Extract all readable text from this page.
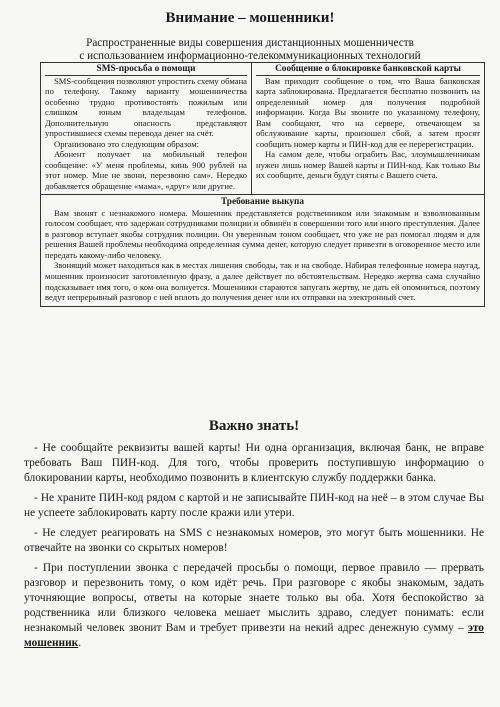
Внимание – мошенники!
Распространенные виды совершения дистанционных мошенничеств
с использованием информационно-телекоммуникационных технологий
SMS-просьба о помощи

SMS-сообщения позволяют упростить схему обмана по телефону. Такому варианту мошенничества особенно трудно противостоять пожилым или слишком юным владельцам телефонов. Дополнительную опасность представляют упростившиеся схемы перевода денег на счёт.

Организовано это следующим образом:

Абонент получает на мобильный телефон сообщение: «У меня проблемы, кинь 900 рублей на этот номер. Мне не звони, перезвоню сам». Нередко добавляется обращение «мама», «друг» или другие.

Сообщение о блокировке банковской карты

Вам приходит сообщение о том, что Ваша банковская карта заблокирована. Предлагается бесплатно позвонить на определенный номер для получения подробной информации. Когда Вы звоните по указанному телефону, Вам сообщают, что на сервере, отвечающем за обслуживание карты, произошел сбой, а затем просят сообщить номер карты и ПИН-код для ее перерегистрации.

На самом деле, чтобы ограбить Вас, злоумышленникам нужен лишь номер Вашей карты и ПИН-код. Как только Вы их сообщите, деньги будут сняты с Вашего счета.

Требование выкупа

Вам звонят с незнакомого номера. Мошенник представляется родственником или знакомым и взволнованным голосом сообщает, что задержан сотрудниками полиции и обвинён в совершении того или иного преступления. Далее в разговор вступает якобы сотрудник полиции. Он уверенным тоном сообщает, что уже не раз помогал людям и для решения Вашей проблемы необходима определенная сумма денег, которую следует привезти в оговоренное место или передать какому-либо человеку.

Звонящий может находиться как в местах лишения свободы, так и на свободе. Набирая телефонные номера наугад, мошенник произносит заготовленную фразу, а далее действует по обстоятельствам. Нередко жертва сама случайно подсказывает имя того, о ком она волнуется. Мошенники стараются запугать жертву, не дать ей опомниться, поэтому ведут непрерывный разговор с ней вплоть до получения денег или их отправки на электронный счет.

Важно знать!

- Не сообщайте реквизиты вашей карты! Ни одна организация, включая банк, не вправе требовать Ваш ПИН-код. Для того, чтобы проверить поступившую информацию о блокировании карты, необходимо позвонить в клиентскую службу поддержки банка.

- Не храните ПИН-код рядом с картой и не записывайте ПИН-код на неё – в этом случае Вы не успеете заблокировать карту после кражи или утери.

- Не следует реагировать на SMS с незнакомых номеров, это могут быть мошенники. Не отвечайте на звонки со скрытых номеров!

- При поступлении звонка с передачей просьбы о помощи, первое правило — прервать разговор и перезвонить тому, о ком идёт речь. При разговоре с якобы знакомым, задать уточняющие вопросы, ответы на которые знаете только вы оба. Хотя беспокойство за родственника или близкого человека мешает мыслить здраво, следует понимать: если незнакомый человек звонит Вам и требует привезти на некий адрес денежную сумму – это мошенник.
